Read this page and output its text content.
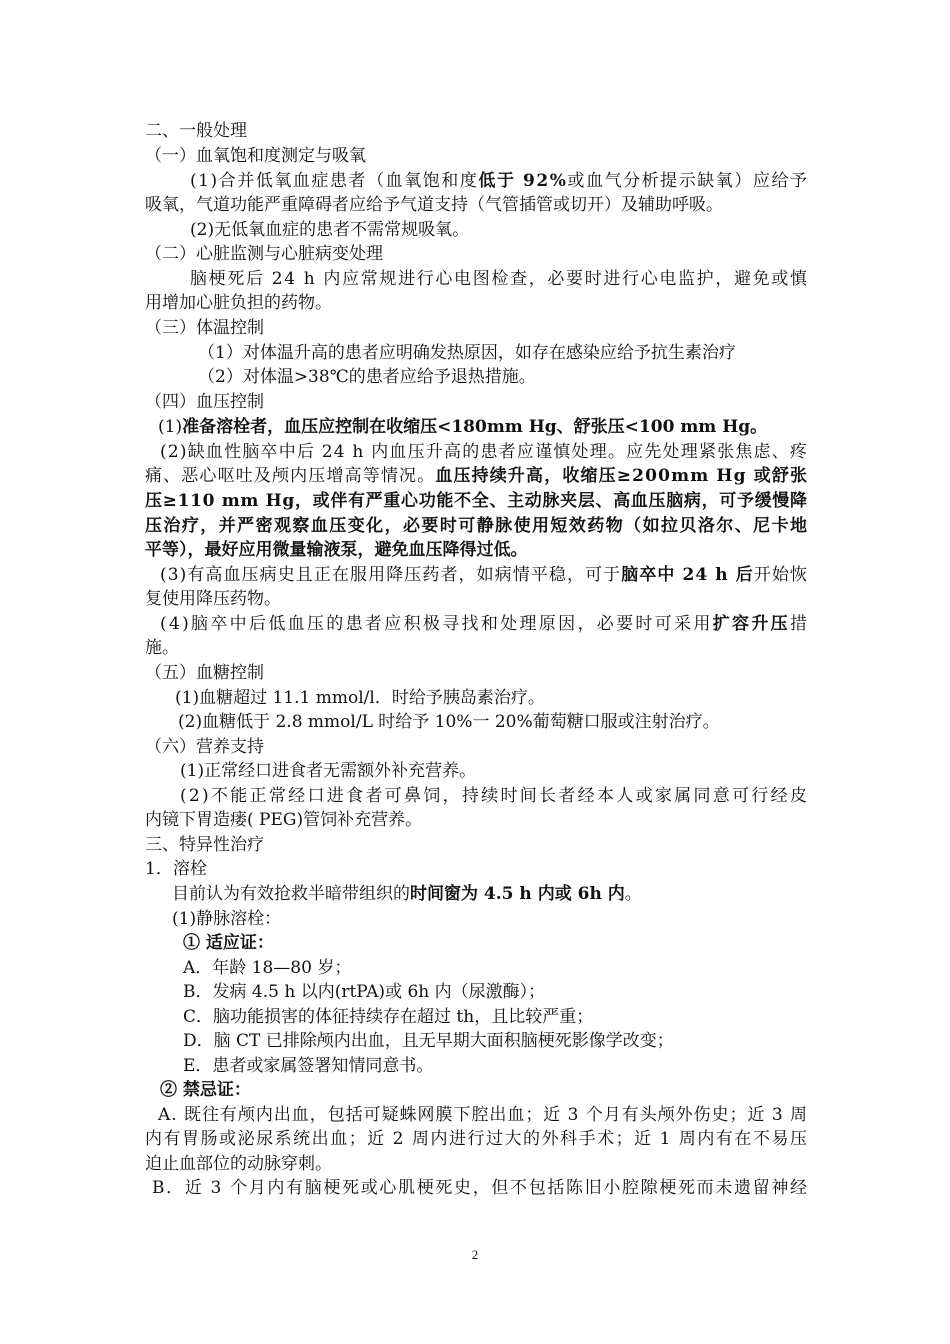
二、一般处理
（一）血氧饱和度测定与吸氧
(1)合并低氧血症患者（血氧饱和度低于 92%或血气分析提示缺氧）应给予
吸氧，气道功能严重障碍者应给予气道支持（气管插管或切开）及辅助呼吸。
(2)无低氧血症的患者不需常规吸氧。
（二）心脏监测与心脏病变处理
脑梗死后 24 h 内应常规进行心电图检查，必要时进行心电监护，避免或慎
用增加心脏负担的药物。
（三）体温控制
（1）对体温升高的患者应明确发热原因，如存在感染应给予抗生素治疗
（2）对体温>38℃的患者应给予退热措施。
（四）血压控制
(1)准备溶栓者，血压应控制在收缩压<180mm Hg、舒张压<100 mm Hg。
(2)缺血性脑卒中后 24 h 内血压升高的患者应谨慎处理。应先处理紧张焦虑、疼
痛、恶心呕吐及颅内压增高等情况。血压持续升高，收缩压≥200mm Hg 或舒张
压≥110 mm Hg，或伴有严重心功能不全、主动脉夹层、高血压脑病，可予缓慢降
压治疗，并严密观察血压变化，必要时可静脉使用短效药物（如拉贝洛尔、尼卡地
平等），最好应用微量输液泵，避免血压降得过低。
(3)有高血压病史且正在服用降压药者，如病情平稳，可于脑卒中 24 h 后开始恢
复使用降压药物。
(4)脑卒中后低血压的患者应积极寻找和处理原因，必要时可采用扩容升压措
施。
（五）血糖控制
(1)血糖超过 11.1 mmol/l．时给予胰岛素治疗。
(2)血糖低于 2.8 mmol/L 时给予 10%一 20%葡萄糖口服或注射治疗。
（六）营养支持
(1)正常经口进食者无需额外补充营养。
(2)不能正常经口进食者可鼻饲，持续时间长者经本人或家属同意可行经皮
内镜下胃造瘘( PEG)管饲补充营养。
三、特异性治疗
1．溶栓
目前认为有效抢救半暗带组织的时间窗为 4.5 h 内或 6h 内。
(1)静脉溶栓：
① 适应证：
A．年龄 18—80 岁；
B．发病 4.5 h 以内(rtPA)或 6h 内（尿激酶）；
C．脑功能损害的体征持续存在超过 th，且比较严重；
D．脑 CT 已排除颅内出血，且无早期大面积脑梗死影像学改变；
E．患者或家属签署知情同意书。
② 禁忌证：
A. 既往有颅内出血，包括可疑蛛网膜下腔出血；近 3 个月有头颅外伤史；近 3 周
内有胃肠或泌尿系统出血；近 2 周内进行过大的外科手术；近 1 周内有在不易压
迫止血部位的动脉穿刺。
B．近 3 个月内有脑梗死或心肌梗死史，但不包括陈旧小腔隙梗死而未遗留神经
2
